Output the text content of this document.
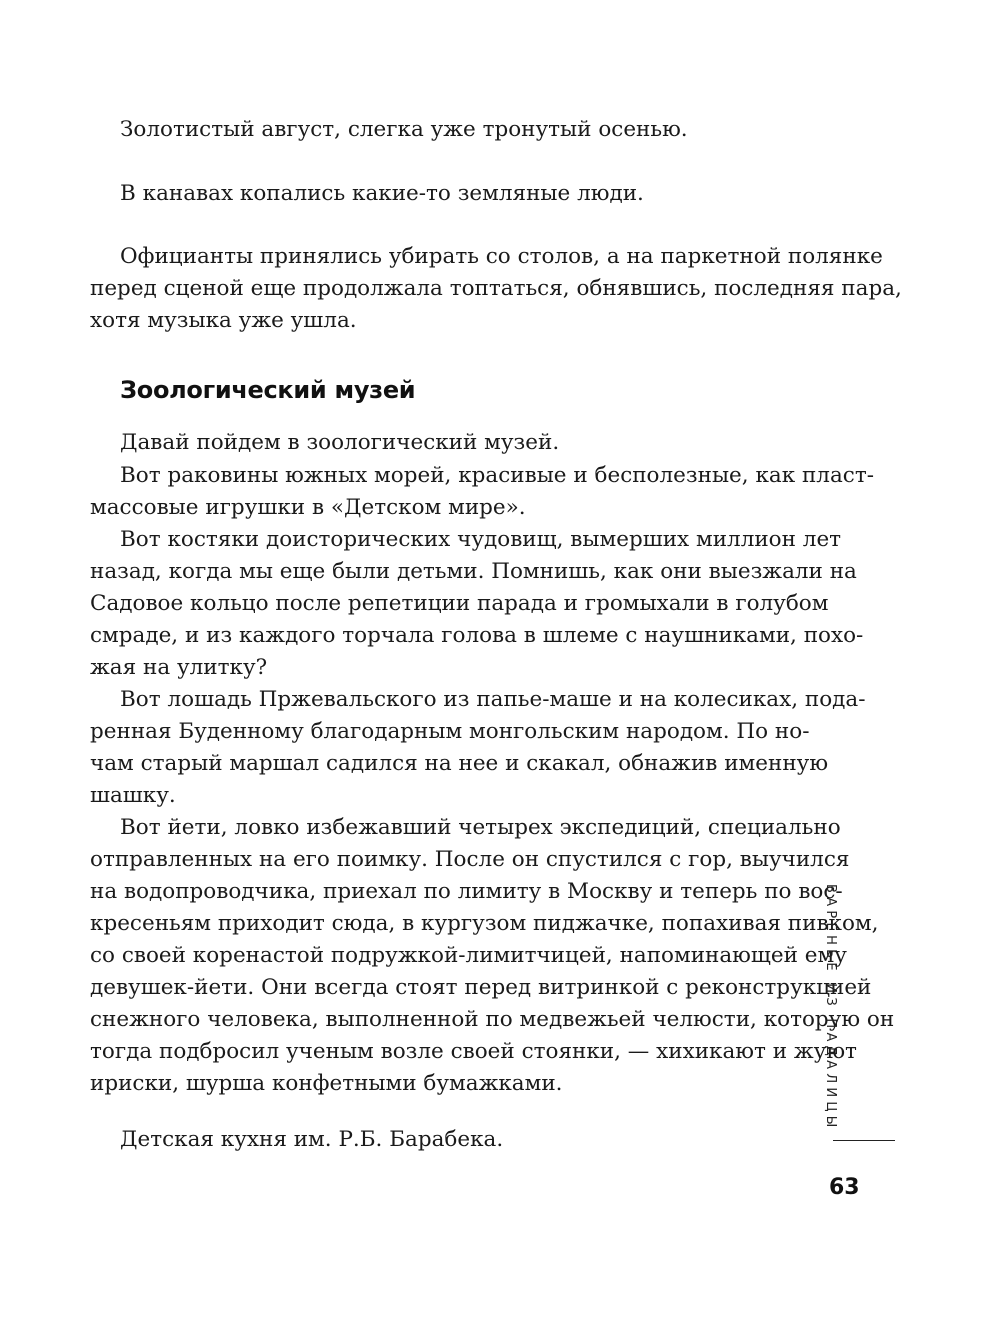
Золотистый август, слегка уже тронутый осенью.
В канавах копались какие-то земляные люди.
Официанты принялись убирать со столов, а на паркетной полянке
перед сценой еще продолжала топтаться, обнявшись, последняя пара,
хотя музыка уже ушла.
Зоологический музей
Давай пойдем в зоологический музей.
Вот раковины южных морей, красивые и бесполезные, как пласт-
массовые игрушки в «Детском мире».
Вот костяки доисторических чудовищ, вымерших миллион лет
назад, когда мы еще были детьми. Помнишь, как они выезжали на
Садовое кольцо после репетиции парада и громыхали в голубом
смраде, и из каждого торчала голова в шлеме с наушниками, похо-
жая на улитку?
Вот лошадь Пржевальского из папье-маше и на колесиках, пода-
ренная Буденному благодарным монгольским народом. По но-
чам старый маршал садился на нее и скакал, обнажив именную
шашку.
Вот йети, ловко избежавший четырех экспедиций, специально
отправленных на его поимку. После он спустился с гор, выучился
на водопроводчика, приехал по лимиту в Москву и теперь по вос-
кресеньям приходит сюда, в кургузом пиджачке, попахивая пивком,
со своей коренастой подружкой-лимитчицей, напоминающей ему
девушек-йети. Они всегда стоят перед витринкой с реконструкцией
снежного человека, выполненной по медвежьей челюсти, которую он
тогда подбросил ученым возле своей стоянки, — хихикают и жуют
ириски, шурша конфетными бумажками.
Детская кухня им. Р.Б. Барабека.
ВАРЕНЬЕ ИЗ ПАДАЛИЦЫ
63
